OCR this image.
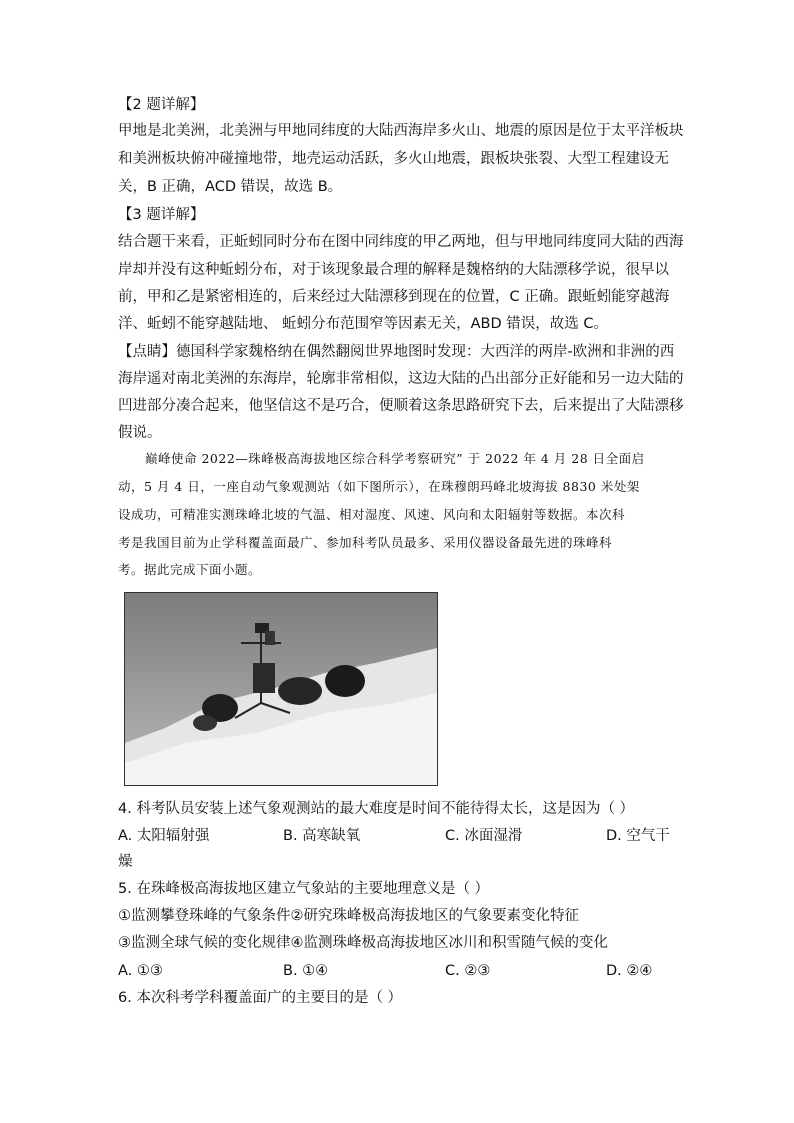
【2 题详解】
甲地是北美洲，北美洲与甲地同纬度的大陆西海岸多火山、地震的原因是位于太平洋板块
和美洲板块俯冲碰撞地带，地壳运动活跃，多火山地震，跟板块张裂、大型工程建设无
关，B 正确，ACD 错误，故选 B。
【3 题详解】
结合题干来看，正蚯蚓同时分布在图中同纬度的甲乙两地，但与甲地同纬度同大陆的西海
岸却并没有这种蚯蚓分布，对于该现象最合理的解释是魏格纳的大陆漂移学说，很早以
前，甲和乙是紧密相连的，后来经过大陆漂移到现在的位置，C 正确。跟蚯蚓能穿越海
洋、蚯蚓不能穿越陆地、 蚯蚓分布范围窄等因素无关，ABD 错误，故选 C。
【点睛】德国科学家魏格纳在偶然翻阅世界地图时发现：大西洋的两岸-欧洲和非洲的西
海岸遥对南北美洲的东海岸，轮廓非常相似，这边大陆的凸出部分正好能和另一边大陆的
凹进部分凑合起来，他坚信这不是巧合，便顺着这条思路研究下去，后来提出了大陆漂移
假说。
巅峰使命 2022—珠峰极高海拔地区综合科学考察研究” 于 2022 年 4 月 28 日全面启
动，5 月 4 日，一座自动气象观测站（如下图所示），在珠穆朗玛峰北坡海拔 8830 米处架
设成功，可精准实测珠峰北坡的气温、相对湿度、风速、风向和太阳辐射等数据。本次科
考是我国目前为止学科覆盖面最广、参加科考队员最多、采用仪器设备最先进的珠峰科
考。据此完成下面小题。
4. 科考队员安装上述气象观测站的最大难度是时间不能待得太长，这是因为（ ）
A. 太阳辐射强	B. 高寒缺氧	C. 冰面湿滑	D. 空气干
燥
5. 在珠峰极高海拔地区建立气象站的主要地理意义是（ ）
①监测攀登珠峰的气象条件②研究珠峰极高海拔地区的气象要素变化特征
③监测全球气候的变化规律④监测珠峰极高海拔地区冰川和积雪随气候的变化
A. ①③	B. ①④	C. ②③	D. ②④
6. 本次科考学科覆盖面广的主要目的是（ ）
